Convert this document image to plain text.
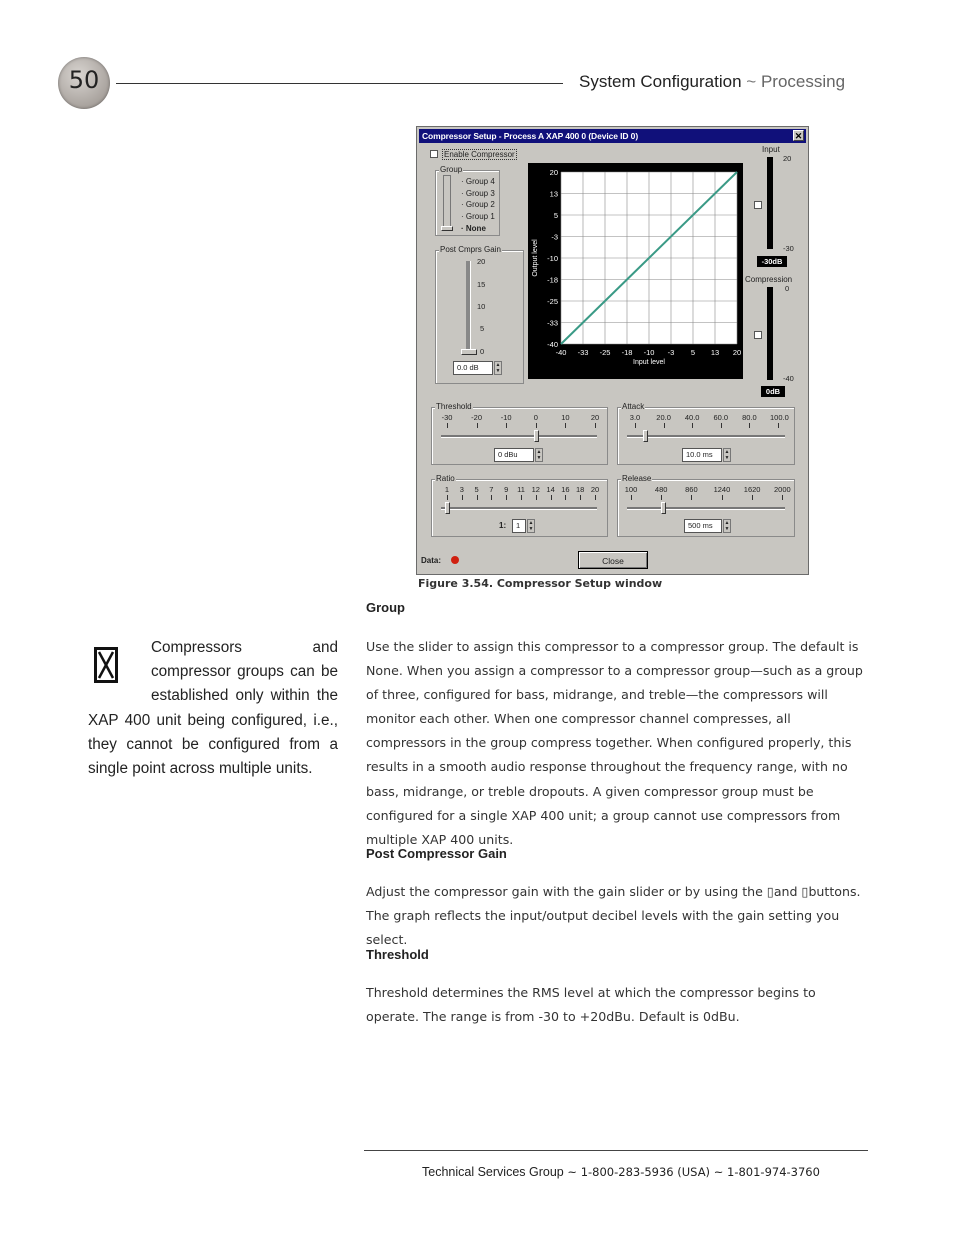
50	System Configuration ~ Processing
Compressor Setup - Process A XAP 400 0 (Device ID 0)	✕
Enable Compressor
Group
· Group 4
· Group 3
· Group 2
· Group 1
· None
Post Cmprs Gain
20
15
10
5
0
0.0 dB	▲
▼
20
13
5
-3
-10
-18
-25
-33
-40
-40 -33 -25 -18 -10 -3 5 13 20
Input level
Output level
Input
20
-30
-30dB
Compression
0
-40
0dB
Threshold
0 dBu	▲
▼
Attack
10.0 ms	▲
▼
Ratio
1:	1	▲
▼
Release
500 ms	▲
▼
Data:	Close
-30	-20	-10	0	10	20	3.0	20.0 40.0 60.0 80.0 100.0
1	3	5	7	9	11 12 14 16 18 20	100 480 860 1240 1620 2000
Figure 3.54. Compressor Setup window
Group
Use the slider to assign this compressor to a compressor group. The default is None. When you assign a compressor to a compressor group—such as a group of three, configured for bass, midrange, and treble—the compressors will monitor each other. When one compressor channel compresses, all compressors in the group compress together. When configured properly, this results in a smooth audio response throughout the frequency range, with no bass, midrange, or treble dropouts. A given compressor group must be configured for a single XAP 400 unit; a group cannot use compressors from multiple XAP 400 units.
Post Compressor Gain
Adjust the compressor gain with the gain slider or by using the ▯and ▯buttons. The graph reflects the input/output decibel levels with the gain setting you select.
Threshold
Threshold determines the RMS level at which the compressor begins to operate. The range is from -30 to +20dBu. Default is 0dBu.
Compressors and compressor groups can be established only within the XAP 400 unit being configured, i.e., they cannot be configured from a single point across multiple units.
Technical Services Group ~ 1-800-283-5936 (USA) ~ 1-801-974-3760
